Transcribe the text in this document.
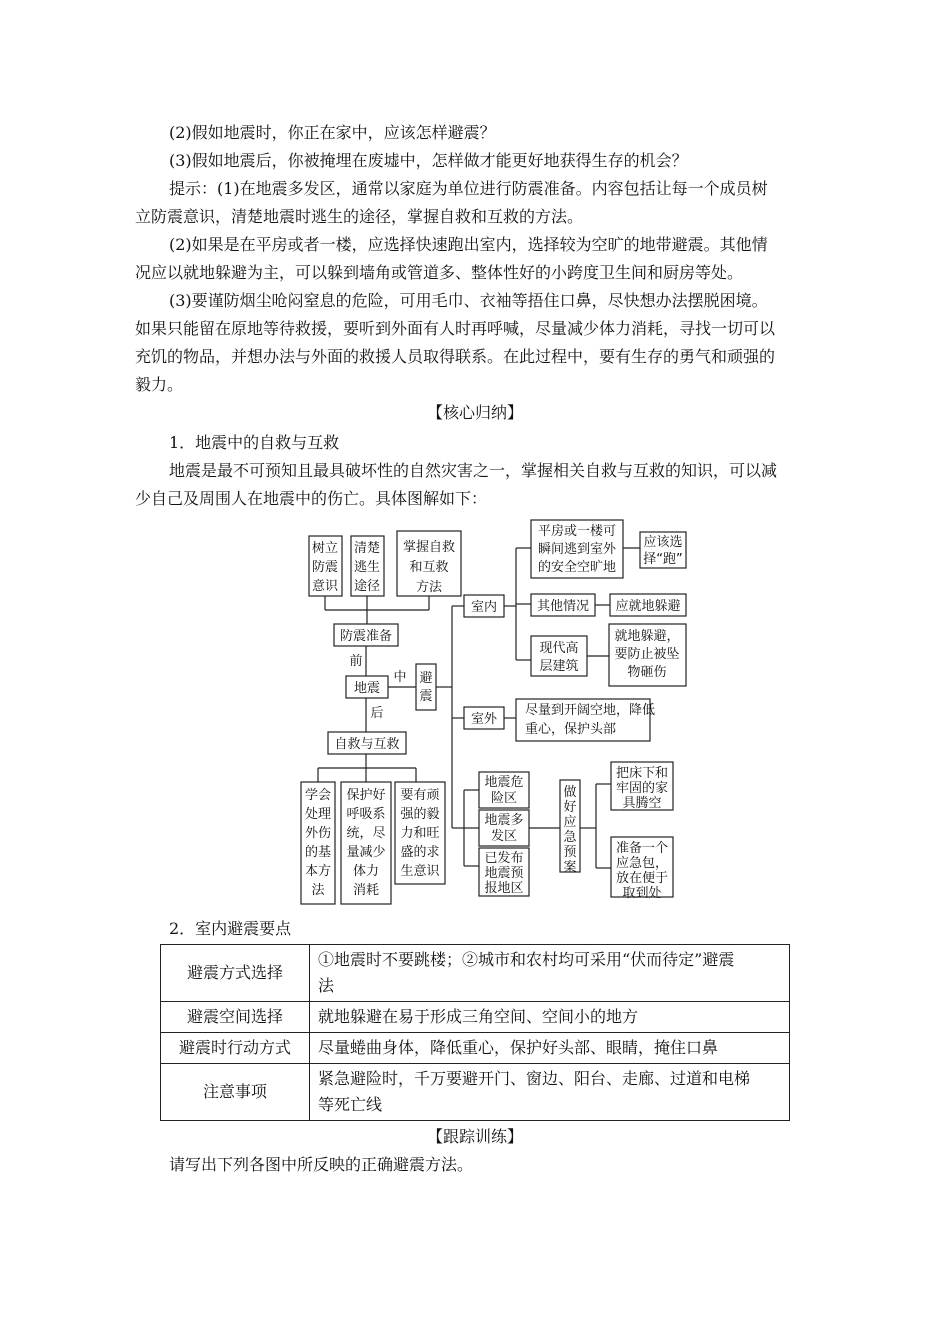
(2)假如地震时，你正在家中，应该怎样避震？
(3)假如地震后，你被掩埋在废墟中，怎样做才能更好地获得生存的机会？
提示：(1)在地震多发区，通常以家庭为单位进行防震准备。内容包括让每一个成员树
立防震意识，清楚地震时逃生的途径，掌握自救和互救的方法。
(2)如果是在平房或者一楼，应选择快速跑出室内，选择较为空旷的地带避震。其他情
况应以就地躲避为主，可以躲到墙角或管道多、整体性好的小跨度卫生间和厨房等处。
(3)要谨防烟尘呛闷窒息的危险，可用毛巾、衣袖等捂住口鼻，尽快想办法摆脱困境。
如果只能留在原地等待救援，要听到外面有人时再呼喊，尽量减少体力消耗，寻找一切可以
充饥的物品，并想办法与外面的救援人员取得联系。在此过程中，要有生存的勇气和顽强的
毅力。
【核心归纳】
1．地震中的自救与互救
地震是最不可预知且最具破坏性的自然灾害之一，掌握相关自救与互救的知识，可以减
少自己及周围人在地震中的伤亡。具体图解如下：
树立
防震
意识
清楚
逃生
途径
掌握自救
和互救
方法
防震准备
前
地震
中
后
避
震
自救与互救
学会
处理
外伤
的基
本方
法
保护好
呼吸系
统，尽
量减少
体力
消耗
要有顽
强的毅
力和旺
盛的求
生意识
室内
室外
平房或一楼可
瞬间逃到室外
的安全空旷地
应该选
择“跑”
其他情况 应就地躲避
现代高
层建筑
就地躲避，
要防止被坠
物砸伤
尽量到开阔空地，降低
重心，保护头部
地震危
险区
地震多
发区
已发布
地震预
报地区
做
好
应
急
预
案
把床下和
牢固的家
具腾空
准备一个
应急包，
放在便于
取到处
2．室内避震要点
避震方式选择	①地震时不要跳楼；②城市和农村均可采用“伏而待定”避震
法
避震空间选择	就地躲避在易于形成三角空间、空间小的地方
避震时行动方式	尽量蜷曲身体，降低重心，保护好头部、眼睛，掩住口鼻
注意事项	紧急避险时，千万要避开门、窗边、阳台、走廊、过道和电梯
等死亡线
【跟踪训练】
请写出下列各图中所反映的正确避震方法。
